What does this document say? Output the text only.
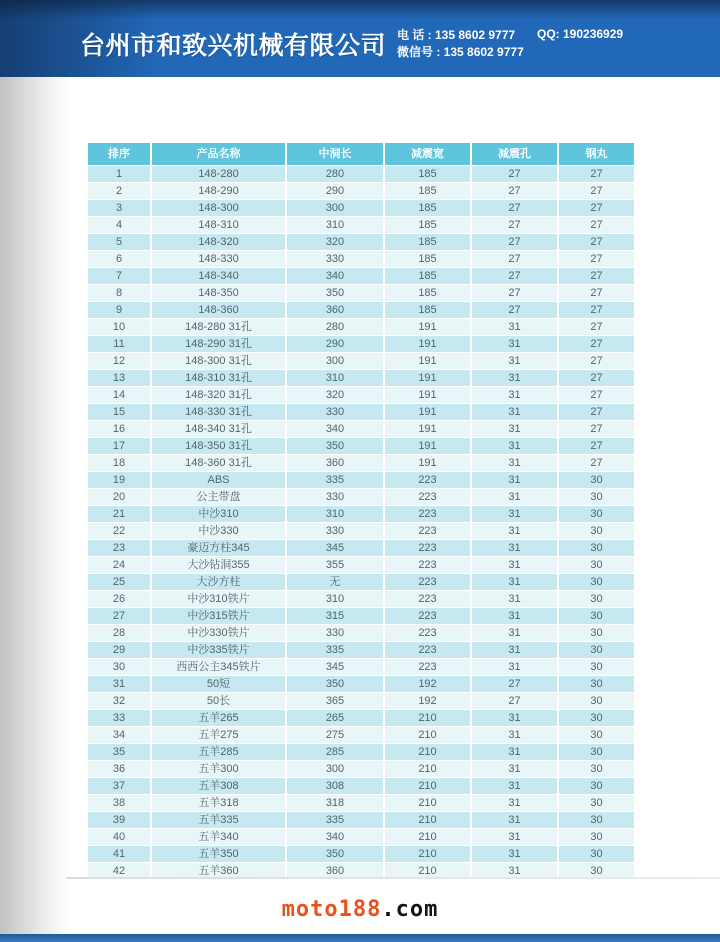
台州市和致兴机械有限公司 电 话 : 135 8602 9777
微信号 : 135 8602 9777
QQ: 190236929
排序	产品名称	中洞长	减震宽	减震孔	钢丸
1	148-280	280	185	27	27
2	148-290	290	185	27	27
3	148-300	300	185	27	27
4	148-310	310	185	27	27
5	148-320	320	185	27	27
6	148-330	330	185	27	27
7	148-340	340	185	27	27
8	148-350	350	185	27	27
9	148-360	360	185	27	27
10	148-280 31孔	280	191	31	27
11	148-290 31孔	290	191	31	27
12	148-300 31孔	300	191	31	27
13	148-310 31孔	310	191	31	27
14	148-320 31孔	320	191	31	27
15	148-330 31孔	330	191	31	27
16	148-340 31孔	340	191	31	27
17	148-350 31孔	350	191	31	27
18	148-360 31孔	360	191	31	27
19	ABS	335	223	31	30
20	公主带盘	330	223	31	30
21	中沙310	310	223	31	30
22	中沙330	330	223	31	30
23	豪迈方柱345	345	223	31	30
24	大沙钻洞355	355	223	31	30
25	大沙方柱	无	223	31	30
26	中沙310铁片	310	223	31	30
27	中沙315铁片	315	223	31	30
28	中沙330铁片	330	223	31	30
29	中沙335铁片	335	223	31	30
30	西西公主345铁片	345	223	31	30
31	50短	350	192	27	30
32	50长	365	192	27	30
33	五羊265	265	210	31	30
34	五羊275	275	210	31	30
35	五羊285	285	210	31	30
36	五羊300	300	210	31	30
37	五羊308	308	210	31	30
38	五羊318	318	210	31	30
39	五羊335	335	210	31	30
40	五羊340	340	210	31	30
41	五羊350	350	210	31	30
42	五羊360	360	210	31	30
moto188.com
